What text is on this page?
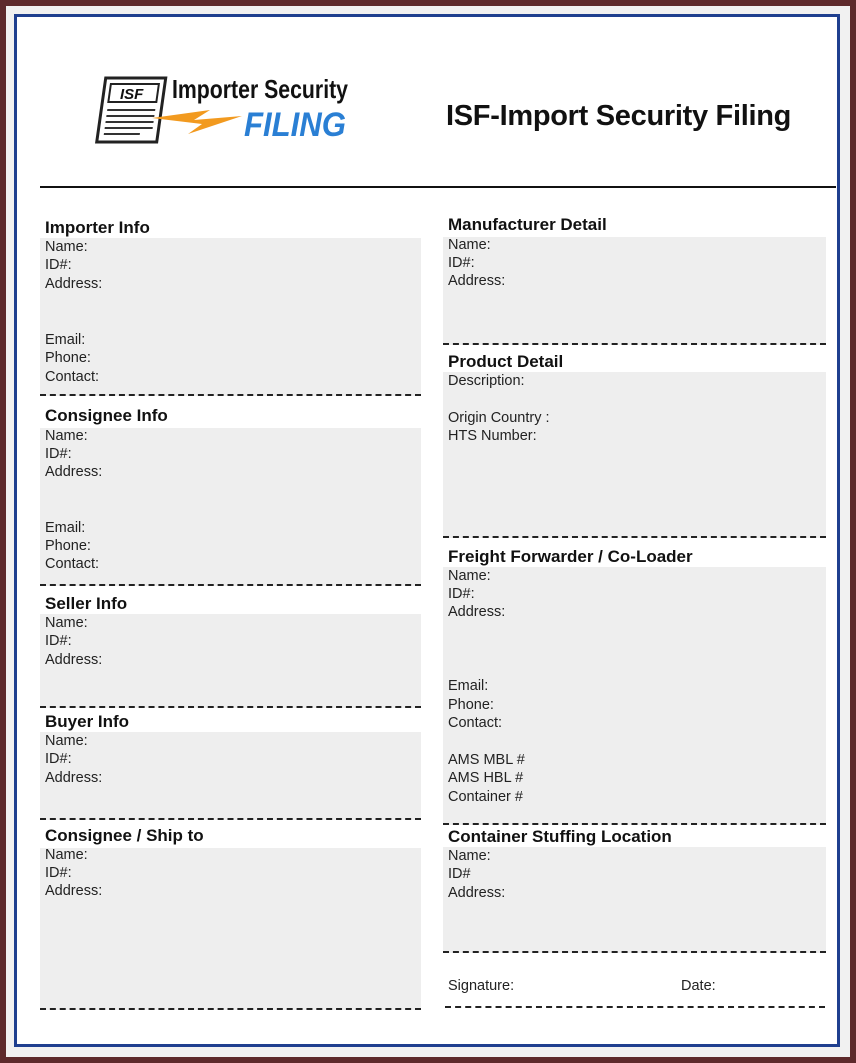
ISF Importer Security
FILING	ISF-Import Security Filing
Importer Info
Name:
ID#:
Address:
Email:
Phone:
Contact:
Consignee Info
Name:
ID#:
Address:
Email:
Phone:
Contact:
Seller Info
Name:
ID#:
Address:
Buyer Info
Name:
ID#:
Address:
Consignee / Ship to
Name:
ID#:
Address:
Manufacturer Detail
Name:
ID#:
Address:
Product Detail
Description:
Origin Country :
HTS Number:
Freight Forwarder / Co-Loader
Name:
ID#:
Address:
Email:
Phone:
Contact:
AMS MBL #
AMS HBL #
Container #
Container Stuffing Location
Name:
ID#
Address:
Signature:	Date:
